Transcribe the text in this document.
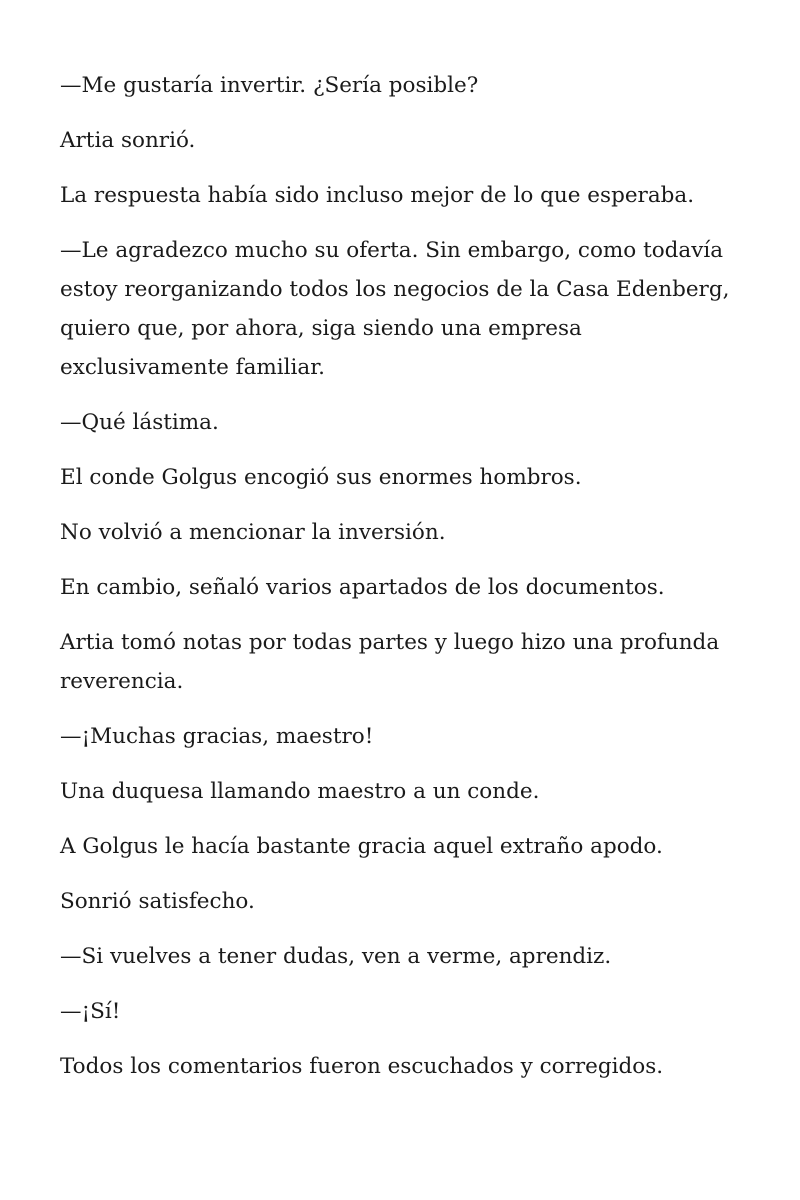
—Me gustaría invertir. ¿Sería posible?

Artia sonrió.

La respuesta había sido incluso mejor de lo que esperaba.

—Le agradezco mucho su oferta. Sin embargo, como todavía estoy reorganizando todos los negocios de la Casa Edenberg, quiero que, por ahora, siga siendo una empresa exclusivamente familiar.

—Qué lástima.

El conde Golgus encogió sus enormes hombros.

No volvió a mencionar la inversión.

En cambio, señaló varios apartados de los documentos.

Artia tomó notas por todas partes y luego hizo una profunda reverencia.

—¡Muchas gracias, maestro!

Una duquesa llamando maestro a un conde.

A Golgus le hacía bastante gracia aquel extraño apodo.

Sonrió satisfecho.

—Si vuelves a tener dudas, ven a verme, aprendiz.

—¡Sí!

Todos los comentarios fueron escuchados y corregidos.
